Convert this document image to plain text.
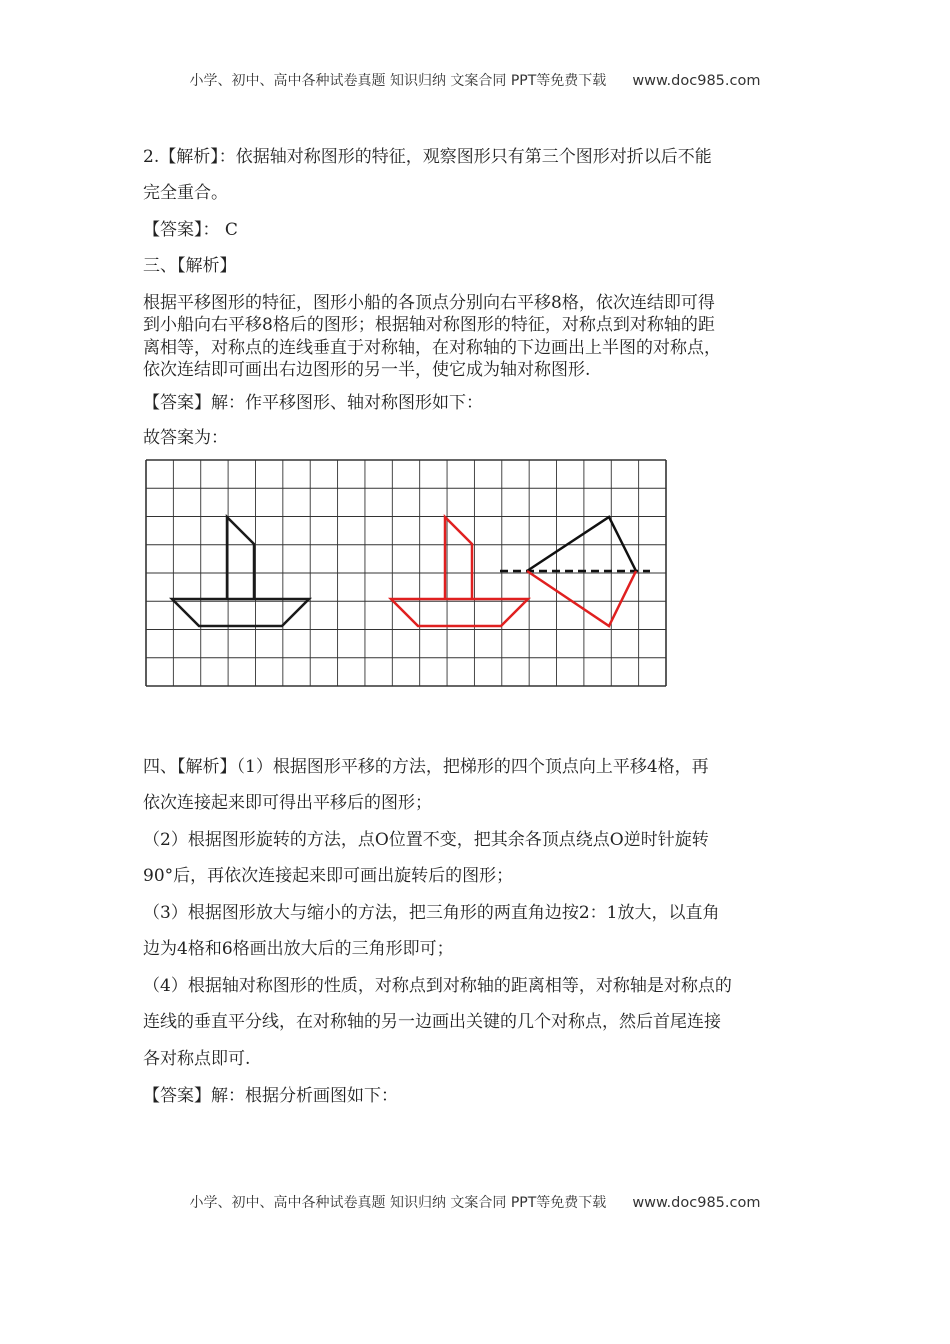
小学、初中、高中各种试卷真题 知识归纳 文案合同 PPT等免费下载 www.doc985.com
2.【解析】：依据轴对称图形的特征，观察图形只有第三个图形对折以后不能
完全重合。
【答案】： C
三、【解析】
根据平移图形的特征，图形小船的各顶点分别向右平移8格，依次连结即可得
到小船向右平移8格后的图形；根据轴对称图形的特征，对称点到对称轴的距
离相等，对称点的连线垂直于对称轴，在对称轴的下边画出上半图的对称点，
依次连结即可画出右边图形的另一半，使它成为轴对称图形.
【答案】解：作平移图形、轴对称图形如下：
故答案为：
四、【解析】（1）根据图形平移的方法，把梯形的四个顶点向上平移4格，再
依次连接起来即可得出平移后的图形；
（2）根据图形旋转的方法，点O位置不变，把其余各顶点绕点O逆时针旋转
90°后，再依次连接起来即可画出旋转后的图形；
（3）根据图形放大与缩小的方法，把三角形的两直角边按2：1放大，以直角
边为4格和6格画出放大后的三角形即可；
（4）根据轴对称图形的性质，对称点到对称轴的距离相等，对称轴是对称点的
连线的垂直平分线，在对称轴的另一边画出关键的几个对称点，然后首尾连接
各对称点即可.
【答案】解：根据分析画图如下：
小学、初中、高中各种试卷真题 知识归纳 文案合同 PPT等免费下载 www.doc985.com
